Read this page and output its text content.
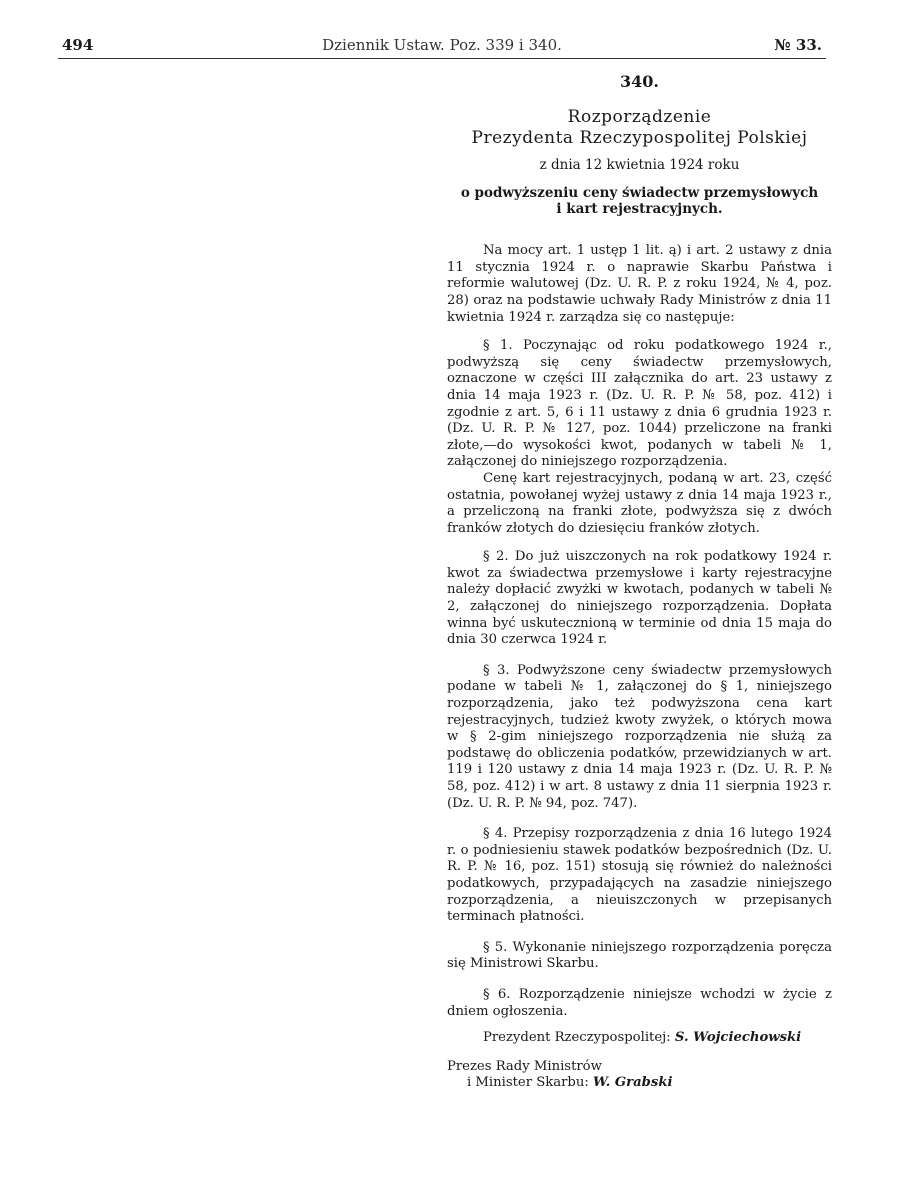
494	Dziennik Ustaw. Poz. 339 i 340.	№ 33.
340.
Rozporządzenie
Prezydenta Rzeczypospolitej Polskiej
z dnia 12 kwietnia 1924 roku
o podwyższeniu ceny świadectw przemysłowych
i kart rejestracyjnych.

Na mocy art. 1 ustęp 1 lit. ą) i art. 2 ustawy z dnia 11 stycznia 1924 r. o naprawie Skarbu Państwa i reformie walutowej (Dz. U. R. P. z roku 1924, № 4, poz. 28) oraz na podstawie uchwały Rady Ministrów z dnia 11 kwietnia 1924 r. zarządza się co następuje:

§ 1. Poczynając od roku podatkowego 1924 r., podwyższą się ceny świadectw przemysłowych, oznaczone w części III załącznika do art. 23 ustawy z dnia 14 maja 1923 r. (Dz. U. R. P. № 58, poz. 412) i zgodnie z art. 5, 6 i 11 ustawy z dnia 6 grudnia 1923 r. (Dz. U. R. P. № 127, poz. 1044) przeliczone na franki złote,—do wysokości kwot, podanych w tabeli № 1, załączonej do niniejszego rozporządzenia.

Cenę kart rejestracyjnych, podaną w art. 23, część ostatnia, powołanej wyżej ustawy z dnia 14 maja 1923 r., a przeliczoną na franki złote, podwyższa się z dwóch franków złotych do dziesięciu franków złotych.

§ 2. Do już uiszczonych na rok podatkowy 1924 r. kwot za świadectwa przemysłowe i karty rejestracyjne należy dopłacić zwyżki w kwotach, podanych w tabeli № 2, załączonej do niniejszego rozporządzenia. Dopłata winna być uskutecznioną w terminie od dnia 15 maja do dnia 30 czerwca 1924 r.

§ 3. Podwyższone ceny świadectw przemysłowych podane w tabeli № 1, załączonej do § 1, niniejszego rozporządzenia, jako też podwyższona cena kart rejestracyjnych, tudzież kwoty zwyżek, o których mowa w § 2-gim niniejszego rozporządzenia nie służą za podstawę do obliczenia podatków, przewidzianych w art. 119 i 120 ustawy z dnia 14 maja 1923 r. (Dz. U. R. P. № 58, poz. 412) i w art. 8 ustawy z dnia 11 sierpnia 1923 r. (Dz. U. R. P. № 94, poz. 747).

§ 4. Przepisy rozporządzenia z dnia 16 lutego 1924 r. o podniesieniu stawek podatków bezpośrednich (Dz. U. R. P. № 16, poz. 151) stosują się również do należności podatkowych, przypadających na zasadzie niniejszego rozporządzenia, a nieuiszczonych w przepisanych terminach płatności.

§ 5. Wykonanie niniejszego rozporządzenia poręcza się Ministrowi Skarbu.

§ 6. Rozporządzenie niniejsze wchodzi w życie z dniem ogłoszenia.

Prezydent Rzeczypospolitej: S. Wojciechowski
Prezes Rady Ministrów
i Minister Skarbu: W. Grabski
